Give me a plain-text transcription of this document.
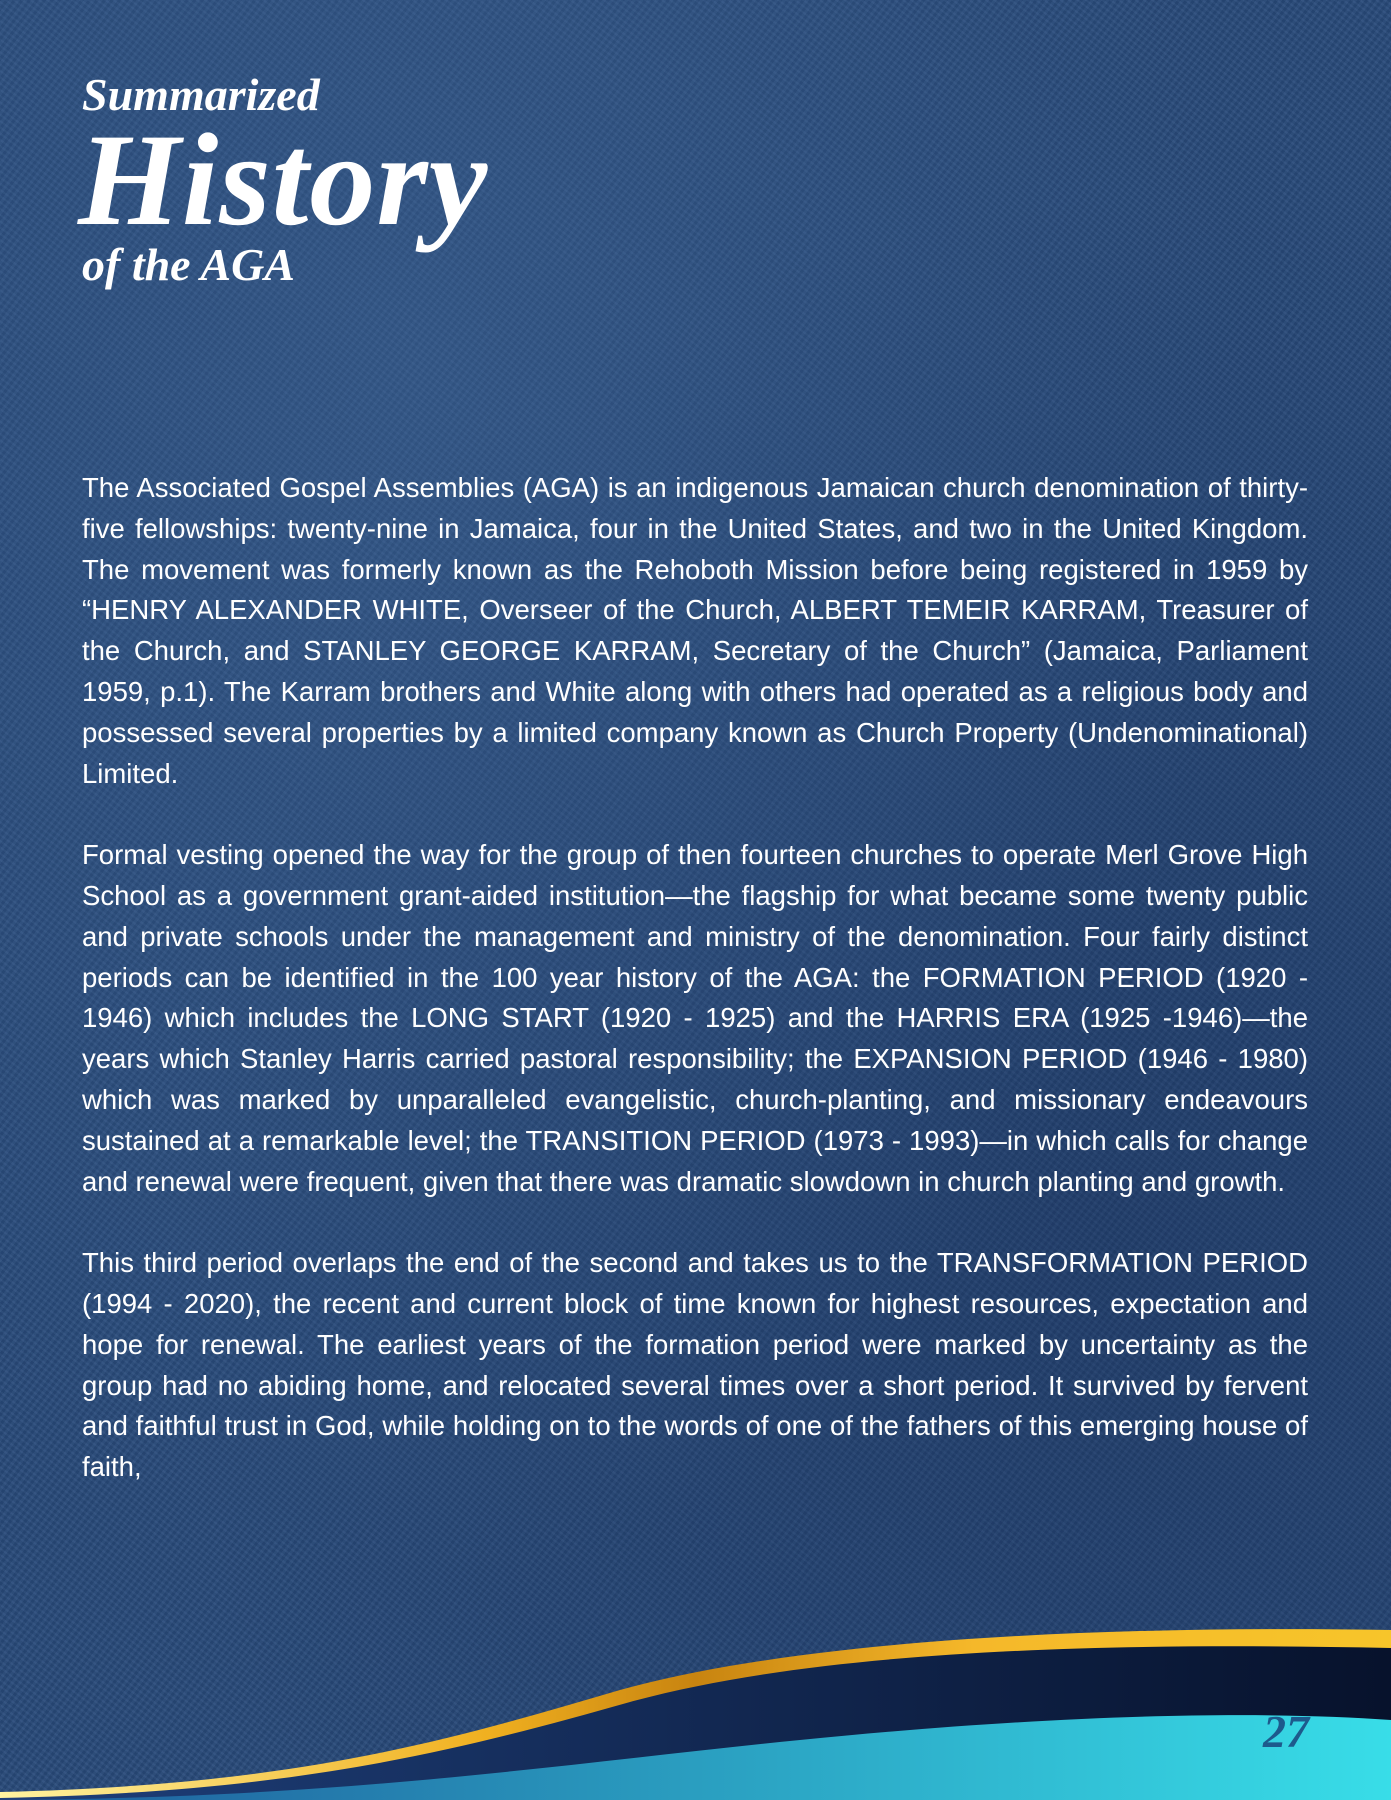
Summarized
History
of the AGA

The Associated Gospel Assemblies (AGA) is an indigenous Jamaican church denomination of thirty-five fellowships: twenty-nine in Jamaica, four in the United States, and two in the United Kingdom. The movement was formerly known as the Rehoboth Mission before being registered in 1959 by “HENRY ALEXANDER WHITE, Overseer of the Church, ALBERT TEMEIR KARRAM, Treasurer of the Church, and STANLEY GEORGE KARRAM, Secretary of the Church” (Jamaica, Parliament 1959, p.1). The Karram brothers and White along with others had operated as a religious body and possessed several properties by a limited company known as Church Property (Undenominational) Limited.

Formal vesting opened the way for the group of then fourteen churches to operate Merl Grove High School as a government grant-aided institution—the flagship for what became some twenty public and private schools under the management and ministry of the denomination. Four fairly distinct periods can be identified in the 100 year history of the AGA: the FORMATION PERIOD (1920 - 1946) which includes the LONG START (1920 - 1925) and the HARRIS ERA (1925 -1946)—the years which Stanley Harris carried pastoral responsibility; the EXPANSION PERIOD (1946 - 1980) which was marked by unparalleled evangelistic, church-planting, and missionary endeavours sustained at a remarkable level; the TRANSITION PERIOD (1973 - 1993)—in which calls for change and renewal were frequent, given that there was dramatic slowdown in church planting and growth.

This third period overlaps the end of the second and takes us to the TRANSFORMATION PERIOD (1994 - 2020), the recent and current block of time known for highest resources, expectation and hope for renewal. The earliest years of the formation period were marked by uncertainty as the group had no abiding home, and relocated several times over a short period. It survived by fervent and faithful trust in God, while holding on to the words of one of the fathers of this emerging house of faith,

27
